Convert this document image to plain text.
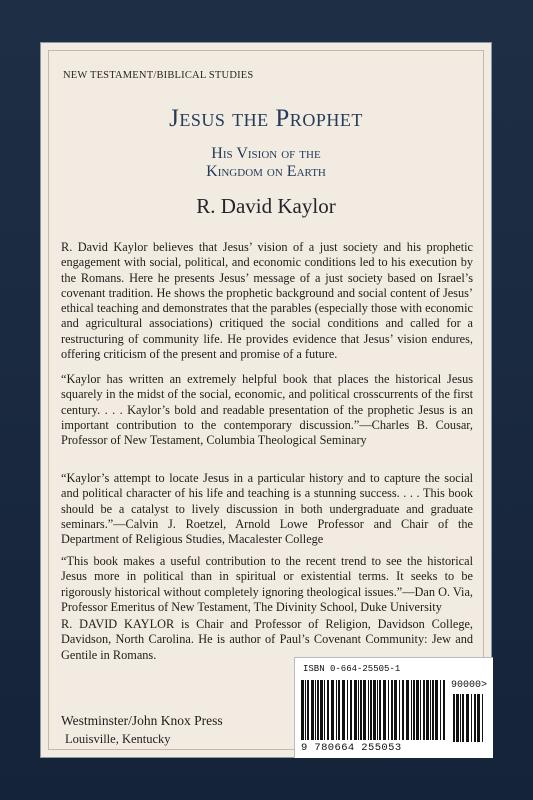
NEW TESTAMENT/BIBLICAL STUDIES
Jesus the Prophet
His Vision of the
Kingdom on Earth
R. David Kaylor
R. David Kaylor believes that Jesus’ vision of a just society and his prophetic engagement with social, political, and economic conditions led to his execution by the Romans. Here he presents Jesus’ message of a just society based on Israel’s covenant tradition. He shows the prophetic background and social content of Jesus’ ethical teaching and demonstrates that the parables (especially those with economic and agricultural associations) critiqued the social conditions and called for a restructuring of community life. He provides evidence that Jesus’ vision endures, offering criticism of the present and promise of a future.
“Kaylor has written an extremely helpful book that places the historical Jesus squarely in the midst of the social, economic, and political crosscurrents of the first century. . . . Kaylor’s bold and readable presentation of the prophetic Jesus is an important contribution to the contemporary discussion.”—Charles B. Cousar, Professor of New Testament, Columbia Theological Seminary
“Kaylor’s attempt to locate Jesus in a particular history and to capture the social and political character of his life and teaching is a stunning success. . . . This book should be a catalyst to lively discussion in both undergraduate and graduate seminars.”—Calvin J. Roetzel, Arnold Lowe Professor and Chair of the Department of Religious Studies, Macalester College
“This book makes a useful contribution to the recent trend to see the historical Jesus more in political than in spiritual or existential terms. It seeks to be rigorously historical without completely ignoring theological issues.”—Dan O. Via, Professor Emeritus of New Testament, The Divinity School, Duke University
R. DAVID KAYLOR is Chair and Professor of Religion, Davidson College, Davidson, North Carolina. He is author of Paul’s Covenant Community: Jew and Gentile in Romans.
Westminster/John Knox Press
Louisville, Kentucky
ISBN 0-664-25505-1
90000>
9 780664 255053
